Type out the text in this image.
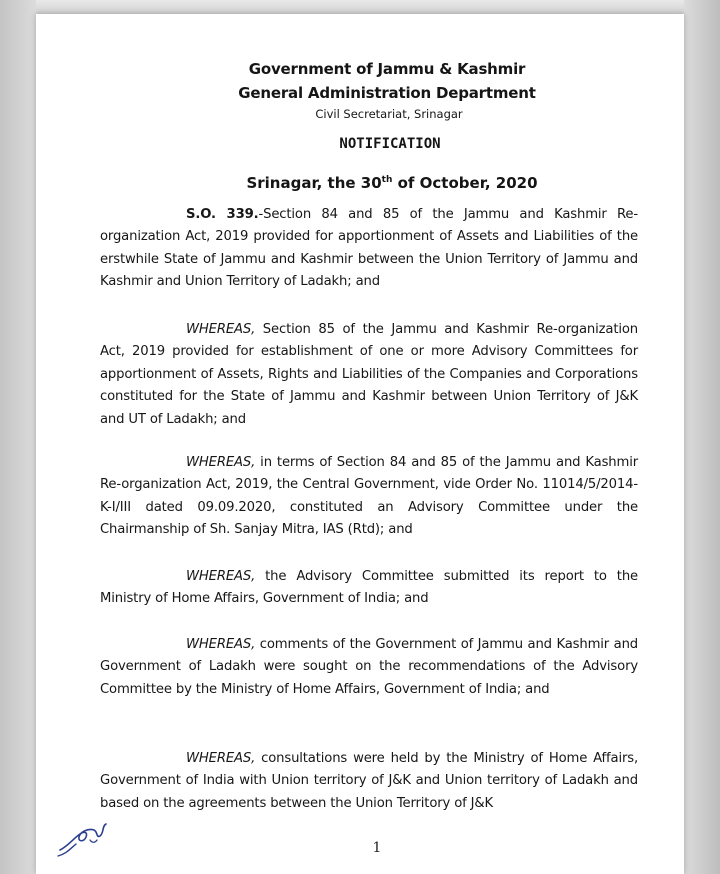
Government of Jammu & Kashmir
General Administration Department
Civil Secretariat, Srinagar
NOTIFICATION
Srinagar, the 30th of October, 2020
S.O. 339.-Section 84 and 85 of the Jammu and Kashmir Re-organization Act, 2019 provided for apportionment of Assets and Liabilities of the erstwhile State of Jammu and Kashmir between the Union Territory of Jammu and Kashmir and Union Territory of Ladakh; and
WHEREAS, Section 85 of the Jammu and Kashmir Re-organization Act, 2019 provided for establishment of one or more Advisory Committees for apportionment of Assets, Rights and Liabilities of the Companies and Corporations constituted for the State of Jammu and Kashmir between Union Territory of J&K and UT of Ladakh; and
WHEREAS, in terms of Section 84 and 85 of the Jammu and Kashmir Re-organization Act, 2019, the Central Government, vide Order No. 11014/5/2014-K-I/III dated 09.09.2020, constituted an Advisory Committee under the Chairmanship of Sh. Sanjay Mitra, IAS (Rtd); and
WHEREAS, the Advisory Committee submitted its report to the Ministry of Home Affairs, Government of India; and
WHEREAS, comments of the Government of Jammu and Kashmir and Government of Ladakh were sought on the recommendations of the Advisory Committee by the Ministry of Home Affairs, Government of India; and
WHEREAS, consultations were held by the Ministry of Home Affairs, Government of India with Union territory of J&K and Union territory of Ladakh and based on the agreements between the Union Territory of J&K
1
